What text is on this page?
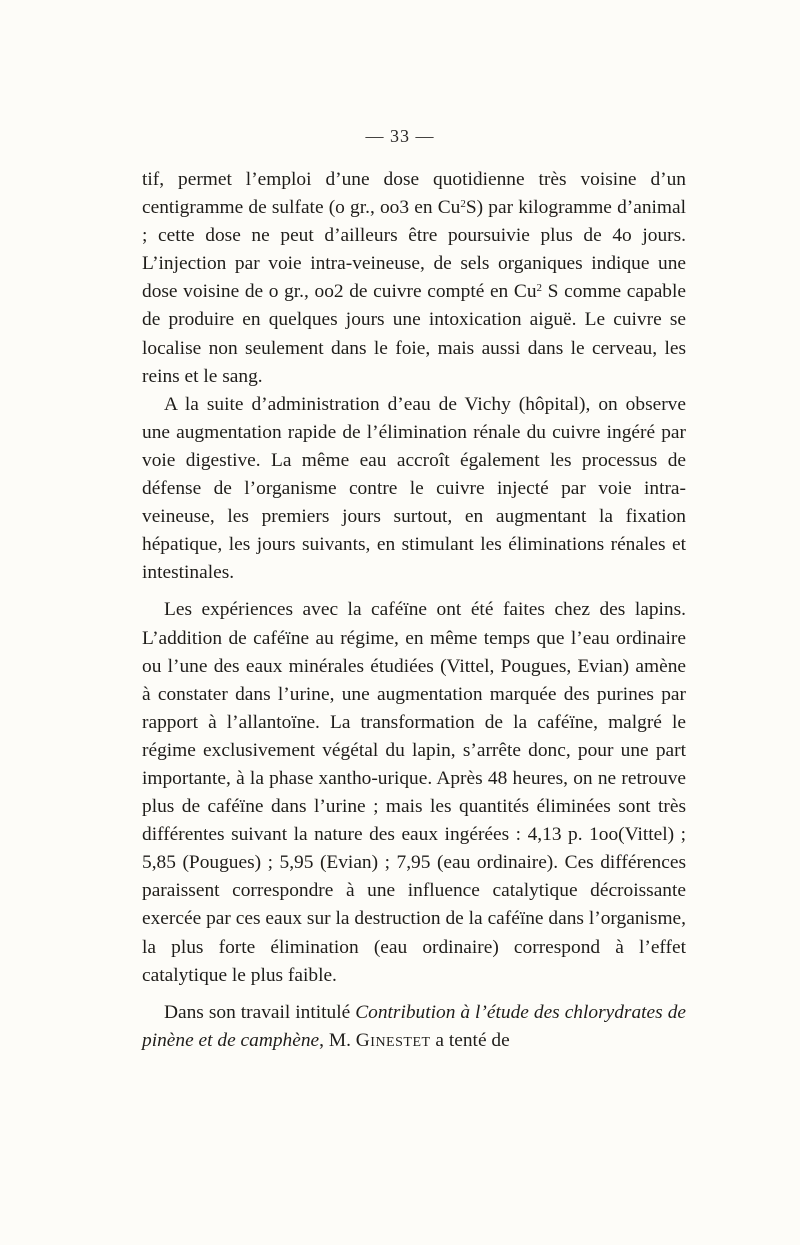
— 33 —

tif, permet l’emploi d’une dose quotidienne très voisine d’un centigramme de sulfate (o gr., oo3 en Cu$^2$S) par kilogramme d’animal ; cette dose ne peut d’ailleurs être poursuivie plus de 4o jours. L’injection par voie intra-veineuse, de sels organiques indique une dose voisine de o gr., oo2 de cuivre compté en Cu$^2$ S comme capable de produire en quelques jours une intoxication aiguë. Le cuivre se localise non seulement dans le foie, mais aussi dans le cerveau, les reins et le sang.

A la suite d’administration d’eau de Vichy (hôpital), on observe une augmentation rapide de l’élimination rénale du cuivre ingéré par voie digestive. La même eau accroît également les processus de défense de l’organisme contre le cuivre injecté par voie intra-veineuse, les premiers jours surtout, en augmentant la fixation hépatique, les jours suivants, en stimulant les éliminations rénales et intestinales.

Les expériences avec la caféïne ont été faites chez des lapins. L’addition de caféïne au régime, en même temps que l’eau ordinaire ou l’une des eaux minérales étudiées (Vittel, Pougues, Evian) amène à constater dans l’urine, une augmentation marquée des purines par rapport à l’allantoïne. La transformation de la caféïne, malgré le régime exclusivement végétal du lapin, s’arrête donc, pour une part importante, à la phase xantho-urique. Après 48 heures, on ne retrouve plus de caféïne dans l’urine ; mais les quantités éliminées sont très différentes suivant la nature des eaux ingérées : 4,13 p. 1oo(Vittel) ; 5,85 (Pougues) ; 5,95 (Evian) ; 7,95 (eau ordinaire). Ces différences paraissent correspondre à une influence catalytique décroissante exercée par ces eaux sur la destruction de la caféïne dans l’organisme, la plus forte élimination (eau ordinaire) correspond à l’effet catalytique le plus faible.

Dans son travail intitulé Contribution à l’étude des chlorydrates de pinène et de camphène, M. Ginestet a tenté de
